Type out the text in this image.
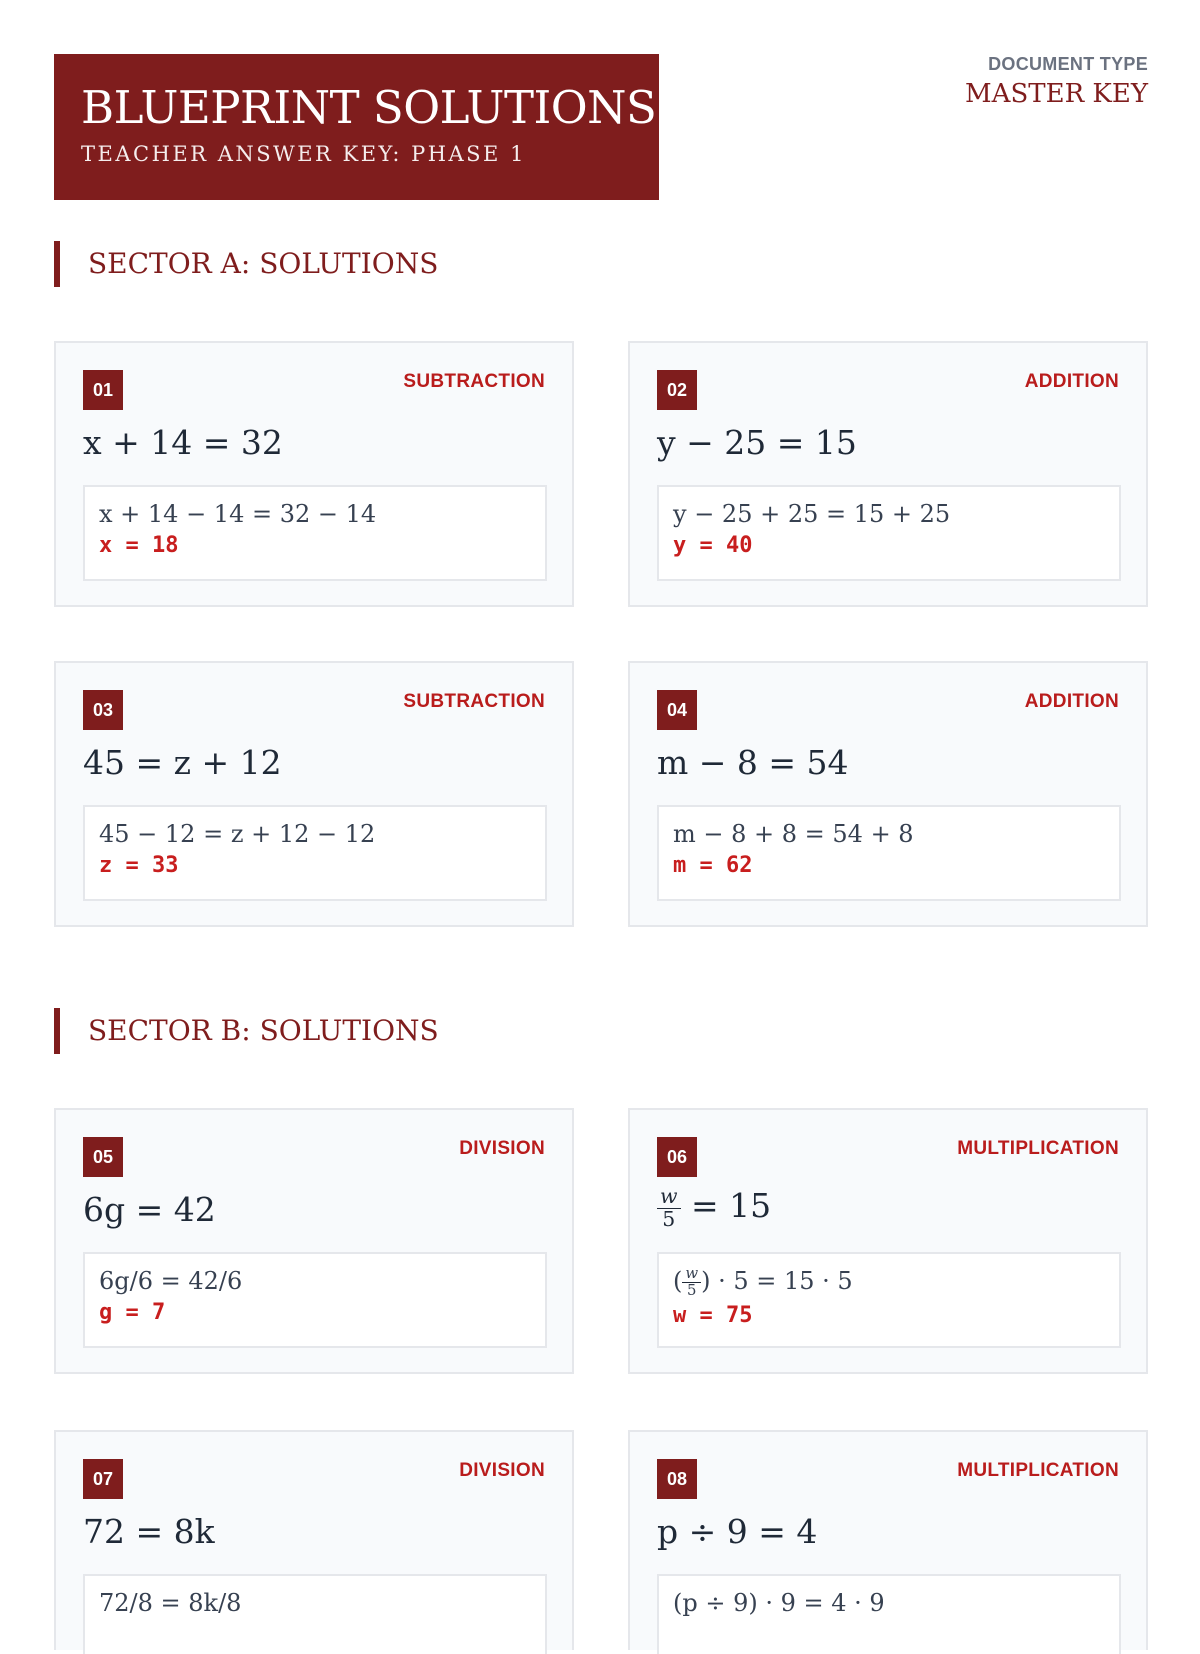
BLUEPRINT SOLUTIONS
TEACHER ANSWER KEY: PHASE 1
DOCUMENT TYPE
MASTER KEY
SECTOR A: SOLUTIONS
01	SUBTRACTION
x + 14 = 32
x + 14 − 14 = 32 − 14
x = 18
02	ADDITION
y − 25 = 15
y − 25 + 25 = 15 + 25
y = 40
03	SUBTRACTION
45 = z + 12
45 − 12 = z + 12 − 12
z = 33
04	ADDITION
m − 8 = 54
m − 8 + 8 = 54 + 8
m = 62
SECTOR B: SOLUTIONS
05	DIVISION
6g = 42
6g/6 = 42/6
g = 7
06	MULTIPLICATION
$\frac{w}{5} = 15$
( $\frac{w}{5}$ ) · 5 = 15 · 5
w = 75
07	DIVISION
72 = 8k
72/8 = 8k/8
08	MULTIPLICATION
p ÷ 9 = 4
(p ÷ 9) · 9 = 4 · 9
